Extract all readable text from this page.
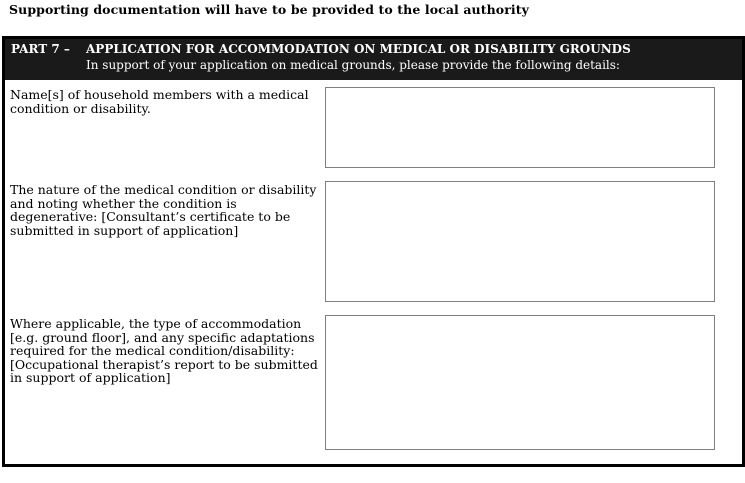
Supporting documentation will have to be provided to the local authority
PART 7 – APPLICATION FOR ACCOMMODATION ON MEDICAL OR DISABILITY GROUNDS
In support of your application on medical grounds, please provide the following details:
Name[s] of household members with a medical condition or disability.
The nature of the medical condition or disability and noting whether the condition is degenerative: [Consultant’s certificate to be submitted in support of application]
Where applicable, the type of accommodation [e.g. ground floor], and any specific adaptations required for the medical condition/disability: [Occupational therapist’s report to be submitted in support of application]
